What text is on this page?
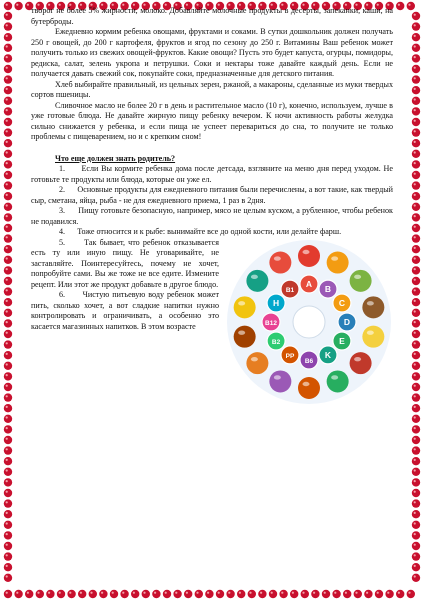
творог не более 5% жирности, молоко. Добавляйте молочные продукты в десерты, запеканки, каши, на бутерброды.

Ежедневно кормим ребенка овощами, фруктами и соками. В сутки дошкольник должен получать 250 г овощей, до 200 г картофеля, фруктов и ягод по сезону до 250 г. Витамины Ваш ребенок может получить только из свежих овощей-фруктов. Какие овощи? Пусть это будет капуста, огурцы, помидоры, редиска, салат, зелень укропа и петрушки. Соки и нектары тоже давайте каждый день. Если не получается давать свежий сок, покупайте соки, предназначенные для детского питания.

Хлеб выбирайте правильный, из цельных зерен, ржаной, а макароны, сделанные из муки твердых сортов пшеницы.

Сливочное масло не более 20 г в день и растительное масло (10 г), конечно, используем, лучше в уже готовые блюда. Не давайте жирную пищу ребенку вечером. К ночи активность работы желудка сильно снижается у ребенка, и если пища не успеет перевариться до сна, то получите не только проблемы с пищеварением, но и с крепким сном!

Что еще должен знать родитель?

1.      Если Вы кормите ребенка дома после детсада, взгляните на меню дня перед уходом. Не готовьте те продукты или блюда, которые он уже ел.

2.      Основные продукты для ежедневного питания были перечислены, а вот такие, как твердый сыр, сметана, яйца, рыба - не для ежедневного приема, 1 раз в 2дня.

3.      Пищу готовьте безопасную, например, мясо не целым куском, а рубленное, чтобы ребенок не подавился.

4.      Тоже относится и к рыбе: вынимайте все до одной кости, или делайте фарш.

A
B
C
D
E
K
B6
PP
B2
B12
H
B1

5.      Так бывает, что ребенок отказывается есть ту или иную пищу. Не уговаривайте, не заставляйте. Поинтересуйтесь, почему не хочет, попробуйте сами. Вы же тоже не все едите. Измените рецепт. Или этот же продукт добавьте в другое блюдо.

6.      Чистую питьевую воду ребенок может пить, сколько хочет, а вот сладкие напитки нужно контролировать и ограничивать, а особенно это касается магазинных напитков. В этом возрасте
